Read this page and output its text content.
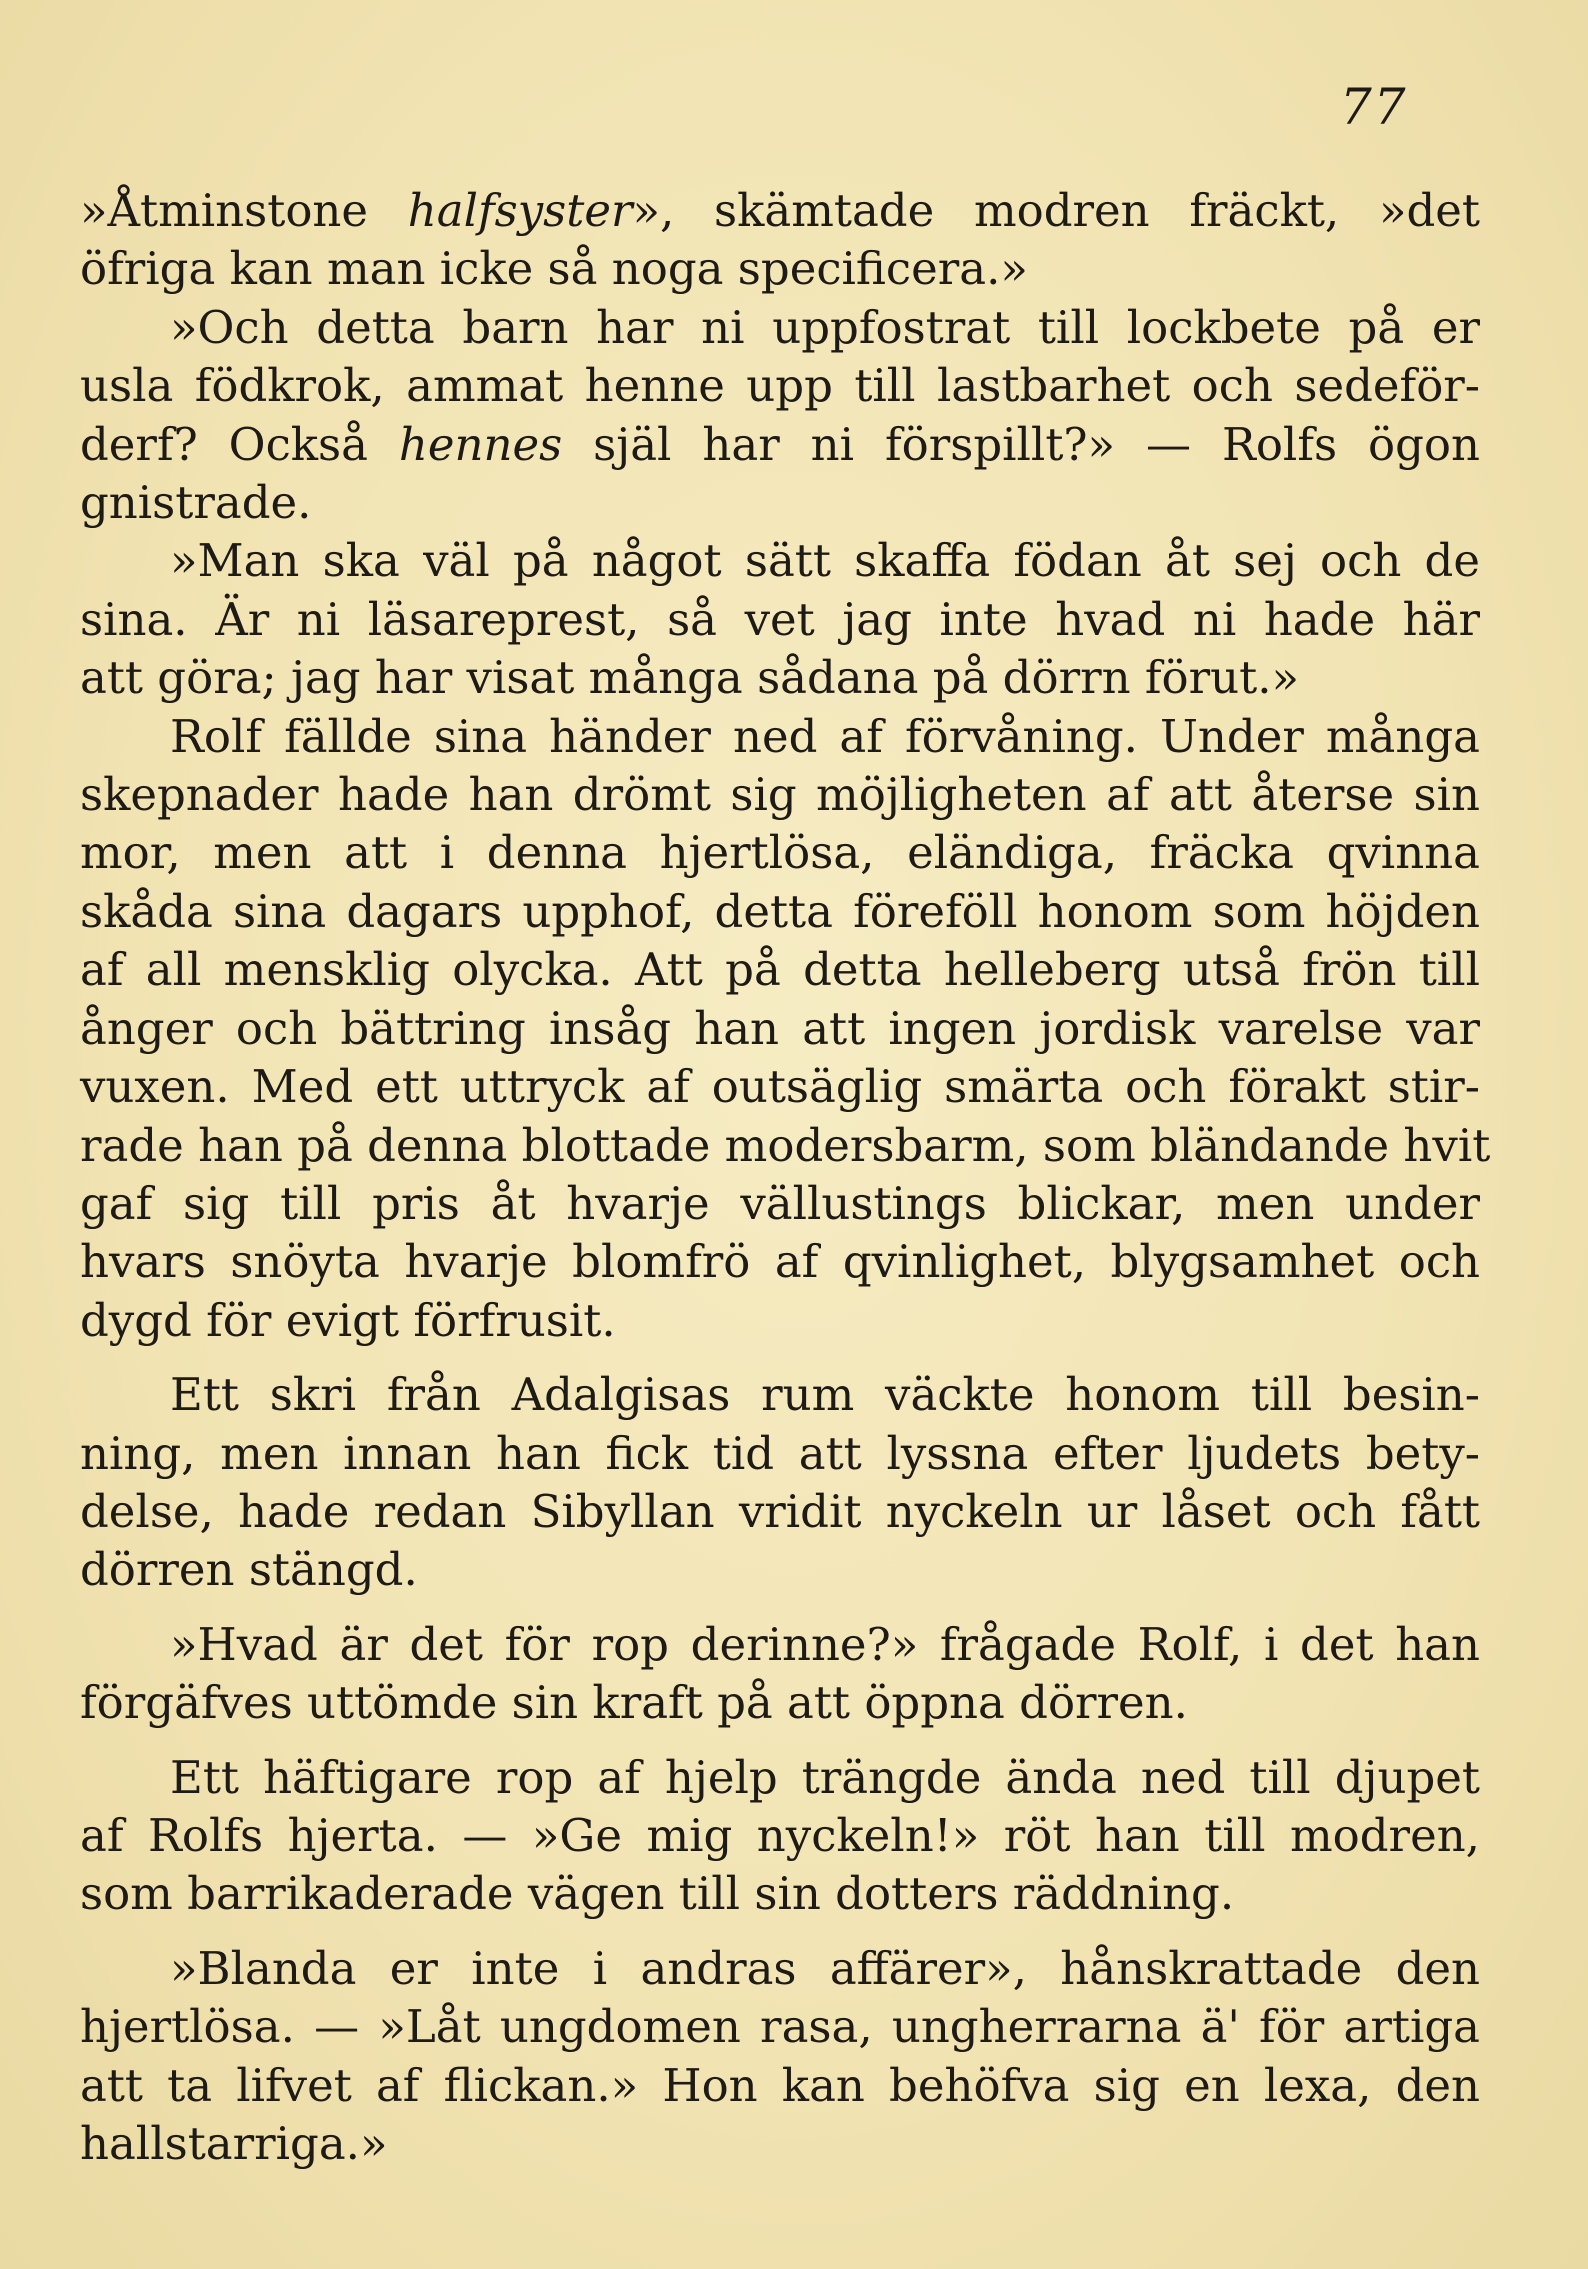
77
»Åtminstone halfsyster», skämtade modren fräckt, »det
öfriga kan man icke så noga specificera.»
  »Och detta barn har ni uppfostrat till lockbete på er
usla födkrok, ammat henne upp till lastbarhet och sedeför-
derf? Också hennes själ har ni förspillt?» — Rolfs ögon
gnistrade.
  »Man ska väl på något sätt skaffa födan åt sej och de
sina. Är ni läsareprest, så vet jag inte hvad ni hade här
att göra; jag har visat många sådana på dörrn förut.»
  Rolf fällde sina händer ned af förvåning. Under många
skepnader hade han drömt sig möjligheten af att återse sin
mor, men att i denna hjertlösa, eländiga, fräcka qvinna
skåda sina dagars upphof, detta föreföll honom som höjden
af all mensklig olycka. Att på detta helleberg utså frön till
ånger och bättring insåg han att ingen jordisk varelse var
vuxen. Med ett uttryck af outsäglig smärta och förakt stir-
rade han på denna blottade modersbarm, som bländande hvit
gaf sig till pris åt hvarje vällustings blickar, men under
hvars snöyta hvarje blomfrö af qvinlighet, blygsamhet och
dygd för evigt förfrusit.
  Ett skri från Adalgisas rum väckte honom till besin-
ning, men innan han fick tid att lyssna efter ljudets bety-
delse, hade redan Sibyllan vridit nyckeln ur låset och fått
dörren stängd.
  »Hvad är det för rop derinne?» frågade Rolf, i det han
förgäfves uttömde sin kraft på att öppna dörren.
  Ett häftigare rop af hjelp trängde ända ned till djupet
af Rolfs hjerta. — »Ge mig nyckeln!» röt han till modren,
som barrikaderade vägen till sin dotters räddning.
  »Blanda er inte i andras affärer», hånskrattade den
hjertlösa. — »Låt ungdomen rasa, ungherrarna ä' för artiga
att ta lifvet af flickan.» Hon kan behöfva sig en lexa, den
hallstarriga.»
